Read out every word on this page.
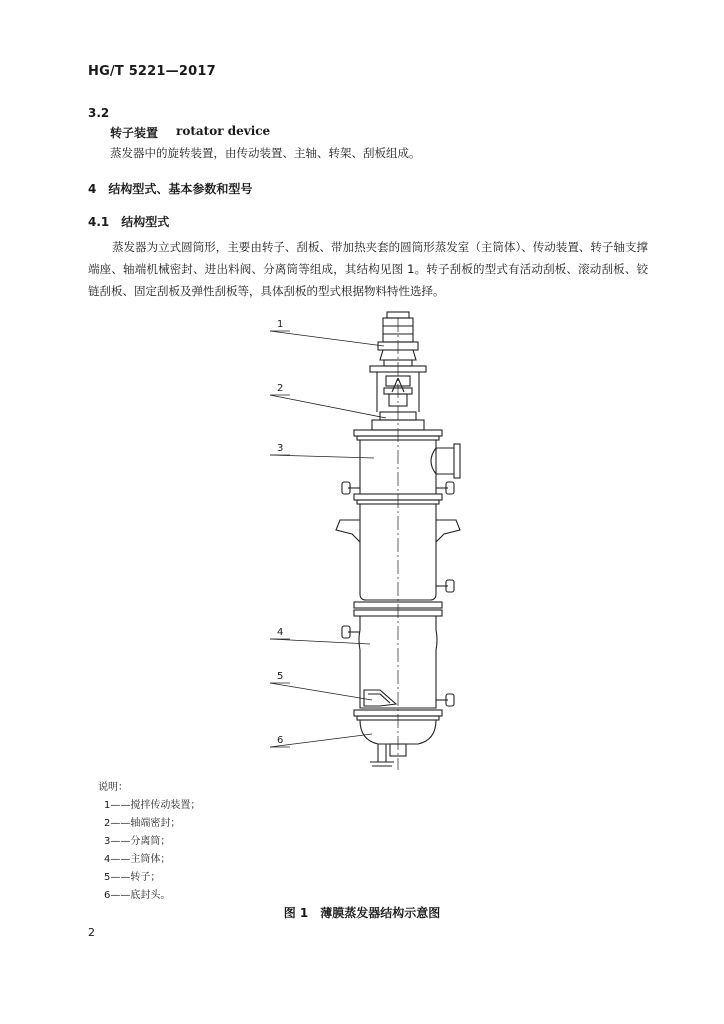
HG/T 5221—2017
3.2
转子装置 rotator device
蒸发器中的旋转装置，由传动装置、主轴、转架、刮板组成。
4　结构型式、基本参数和型号
4.1　结构型式
蒸发器为立式圆筒形，主要由转子、刮板、带加热夹套的圆筒形蒸发室（主筒体）、传动装置、转子轴支撑端座、轴端机械密封、进出料阀、分离筒等组成，其结构见图 1。转子刮板的型式有活动刮板、滚动刮板、铰链刮板、固定刮板及弹性刮板等，具体刮板的型式根据物料特性选择。
1
2
3
4
5
6
说明：
1——搅拌传动装置；
2——轴端密封；
3——分离筒；
4——主筒体；
5——转子；
6——底封头。
图 1　薄膜蒸发器结构示意图
2
